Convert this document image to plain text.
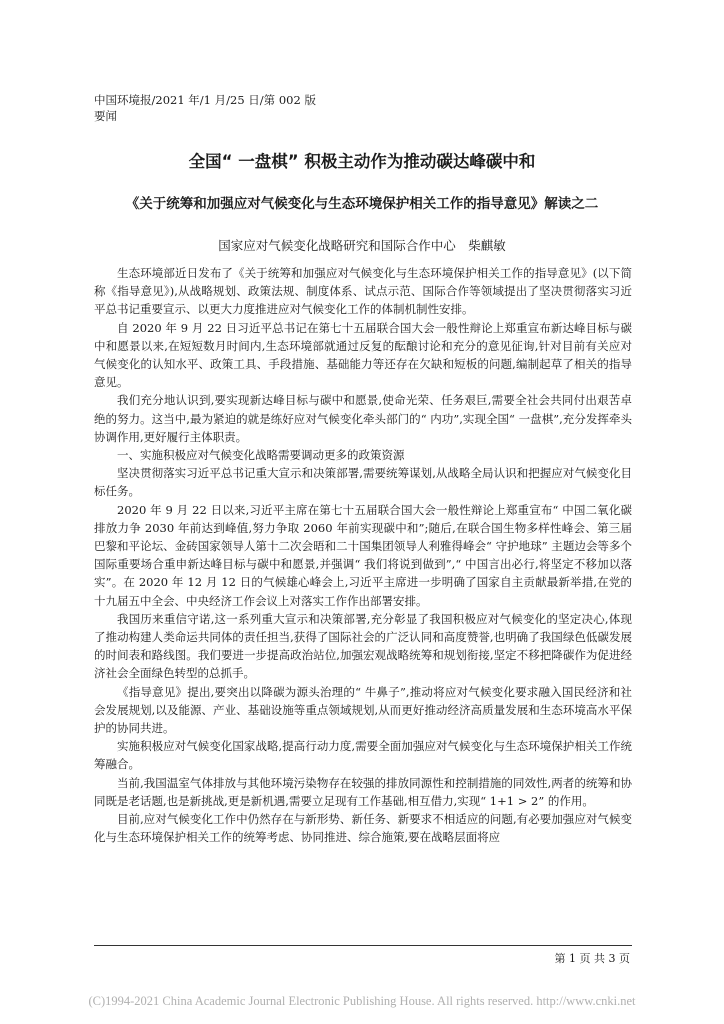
中国环境报/2021 年/1 月/25 日/第 002 版
要闻
全国“ 一盘棋” 积极主动作为推动碳达峰碳中和
《关于统筹和加强应对气候变化与生态环境保护相关工作的指导意见》解读之二
国家应对气候变化战略研究和国际合作中心　柴麒敏

生态环境部近日发布了《关于统筹和加强应对气候变化与生态环境保护相关工作的指导意见》(以下简称《指导意见》),从战略规划、政策法规、制度体系、试点示范、国际合作等领域提出了坚决贯彻落实习近平总书记重要宣示、以更大力度推进应对气候变化工作的体制机制性安排。

自 2020 年 9 月 22 日习近平总书记在第七十五届联合国大会一般性辩论上郑重宣布新达峰目标与碳中和愿景以来,在短短数月时间内,生态环境部就通过反复的酝酿讨论和充分的意见征询,针对目前有关应对气候变化的认知水平、政策工具、手段措施、基础能力等还存在欠缺和短板的问题,编制起草了相关的指导意见。

我们充分地认识到,要实现新达峰目标与碳中和愿景,使命光荣、任务艰巨,需要全社会共同付出艰苦卓绝的努力。这当中,最为紧迫的就是练好应对气候变化牵头部门的“ 内功”,实现全国“ 一盘棋”,充分发挥牵头协调作用,更好履行主体职责。

一、实施积极应对气候变化战略需要调动更多的政策资源

坚决贯彻落实习近平总书记重大宣示和决策部署,需要统筹谋划,从战略全局认识和把握应对气候变化目标任务。

2020 年 9 月 22 日以来,习近平主席在第七十五届联合国大会一般性辩论上郑重宣布“ 中国二氧化碳排放力争 2030 年前达到峰值,努力争取 2060 年前实现碳中和”;随后,在联合国生物多样性峰会、第三届巴黎和平论坛、金砖国家领导人第十二次会晤和二十国集团领导人利雅得峰会“ 守护地球” 主题边会等多个国际重要场合重申新达峰目标与碳中和愿景,并强调“ 我们将说到做到”,“ 中国言出必行,将坚定不移加以落实”。在 2020 年 12 月 12 日的气候雄心峰会上,习近平主席进一步明确了国家自主贡献最新举措,在党的十九届五中全会、中央经济工作会议上对落实工作作出部署安排。

我国历来重信守诺,这一系列重大宣示和决策部署,充分彰显了我国积极应对气候变化的坚定决心,体现了推动构建人类命运共同体的责任担当,获得了国际社会的广泛认同和高度赞誉,也明确了我国绿色低碳发展的时间表和路线图。我们要进一步提高政治站位,加强宏观战略统筹和规划衔接,坚定不移把降碳作为促进经济社会全面绿色转型的总抓手。

《指导意见》提出,要突出以降碳为源头治理的“ 牛鼻子”,推动将应对气候变化要求融入国民经济和社会发展规划,以及能源、产业、基础设施等重点领域规划,从而更好推动经济高质量发展和生态环境高水平保护的协同共进。

实施积极应对气候变化国家战略,提高行动力度,需要全面加强应对气候变化与生态环境保护相关工作统筹融合。

当前,我国温室气体排放与其他环境污染物存在较强的排放同源性和控制措施的同效性,两者的统筹和协同既是老话题,也是新挑战,更是新机遇,需要立足现有工作基础,相互借力,实现“ 1+1 > 2” 的作用。

目前,应对气候变化工作中仍然存在与新形势、新任务、新要求不相适应的问题,有必要加强应对气候变化与生态环境保护相关工作的统筹考虑、协同推进、综合施策,要在战略层面将应

第 1 页 共 3 页
(C)1994-2021 China Academic Journal Electronic Publishing House. All rights reserved. http://www.cnki.net
